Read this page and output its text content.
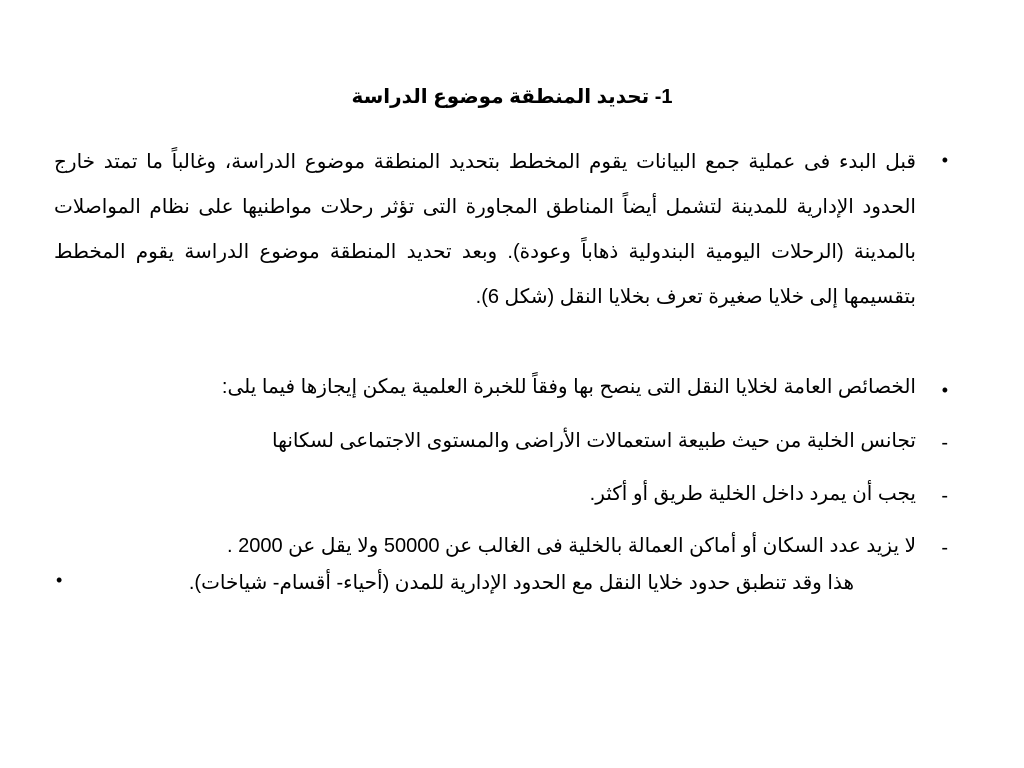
1- تحديد المنطقة موضوع الدراسة
•
قبل البدء فى عملية جمع البيانات يقوم المخطط بتحديد المنطقة موضوع الدراسة، وغالباً ما تمتد خارج الحدود الإدارية للمدينة لتشمل أيضاً المناطق المجاورة التى تؤثر رحلات مواطنيها على نظام المواصلات بالمدينة (الرحلات اليومية البندولية ذهاباً وعودة). وبعد تحديد المنطقة موضوع الدراسة يقوم المخطط بتقسيمها إلى خلايا صغيرة تعرف بخلايا النقل (شكل 6).
•
الخصائص العامة لخلايا النقل التى ينصح بها وفقاً للخبرة العلمية يمكن إيجازها فيما يلى:
-
تجانس الخلية من حيث طبيعة استعمالات الأراضى والمستوى الاجتماعى لسكانها
-
يجب أن يمرد داخل الخلية طريق أو أكثر.
-
لا يزيد عدد السكان أو أماكن العمالة بالخلية فى الغالب عن 50000 ولا يقل عن 2000 .
هذا وقد تنطبق حدود خلايا النقل مع الحدود الإدارية للمدن (أحياء- أقسام- شياخات).
•
